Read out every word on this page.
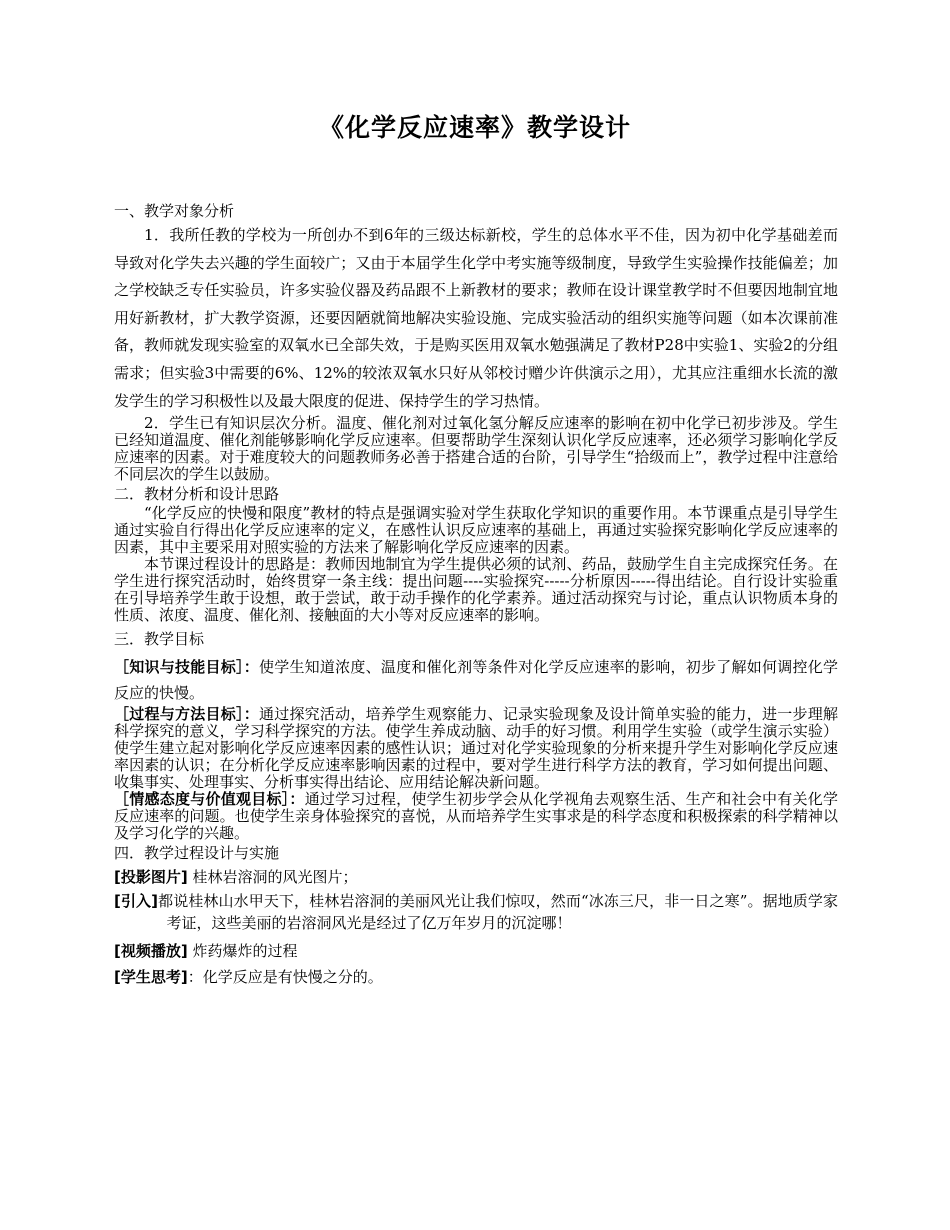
《化学反应速率》教学设计

一、教学对象分析

1．我所任教的学校为一所创办不到6年的三级达标新校，学生的总体水平不佳，因为初中化学基础差而导致对化学失去兴趣的学生面较广；又由于本届学生化学中考实施等级制度，导致学生实验操作技能偏差；加之学校缺乏专任实验员，许多实验仪器及药品跟不上新教材的要求；教师在设计课堂教学时不但要因地制宜地用好新教材，扩大教学资源，还要因陋就简地解决实验设施、完成实验活动的组织实施等问题（如本次课前准备，教师就发现实验室的双氧水已全部失效，于是购买医用双氧水勉强满足了教材P28中实验1、实验2的分组需求；但实验3中需要的6%、12%的较浓双氧水只好从邻校讨赠少许供演示之用），尤其应注重细水长流的激发学生的学习积极性以及最大限度的促进、保持学生的学习热情。

2．学生已有知识层次分析。温度、催化剂对过氧化氢分解反应速率的影响在初中化学已初步涉及。学生已经知道温度、催化剂能够影响化学反应速率。但要帮助学生深刻认识化学反应速率，还必须学习影响化学反应速率的因素。对于难度较大的问题教师务必善于搭建合适的台阶，引导学生“拾级而上”，教学过程中注意给不同层次的学生以鼓励。

二．教材分析和设计思路

“化学反应的快慢和限度”教材的特点是强调实验对学生获取化学知识的重要作用。本节课重点是引导学生通过实验自行得出化学反应速率的定义，在感性认识反应速率的基础上，再通过实验探究影响化学反应速率的因素，其中主要采用对照实验的方法来了解影响化学反应速率的因素。

本节课过程设计的思路是：教师因地制宜为学生提供必须的试剂、药品，鼓励学生自主完成探究任务。在学生进行探究活动时，始终贯穿一条主线：提出问题----实验探究-----分析原因-----得出结论。自行设计实验重在引导培养学生敢于设想，敢于尝试，敢于动手操作的化学素养。通过活动探究与讨论，重点认识物质本身的性质、浓度、温度、催化剂、接触面的大小等对反应速率的影响。

三．教学目标

［知识与技能目标］：使学生知道浓度、温度和催化剂等条件对化学反应速率的影响，初步了解如何调控化学反应的快慢。

［过程与方法目标］：通过探究活动，培养学生观察能力、记录实验现象及设计简单实验的能力，进一步理解科学探究的意义，学习科学探究的方法。使学生养成动脑、动手的好习惯。利用学生实验（或学生演示实验）使学生建立起对影响化学反应速率因素的感性认识；通过对化学实验现象的分析来提升学生对影响化学反应速率因素的认识；在分析化学反应速率影响因素的过程中，要对学生进行科学方法的教育，学习如何提出问题、收集事实、处理事实、分析事实得出结论、应用结论解决新问题。

［情感态度与价值观目标］：通过学习过程，使学生初步学会从化学视角去观察生活、生产和社会中有关化学反应速率的问题。也使学生亲身体验探究的喜悦，从而培养学生实事求是的科学态度和积极探索的科学精神以及学习化学的兴趣。

四．教学过程设计与实施

[投影图片] 桂林岩溶洞的风光图片；

[引入]都说桂林山水甲天下，桂林岩溶洞的美丽风光让我们惊叹，然而“冰冻三尺，非一日之寒”。据地质学家考证，这些美丽的岩溶洞风光是经过了亿万年岁月的沉淀哪！

[视频播放] 炸药爆炸的过程

[学生思考]：化学反应是有快慢之分的。
